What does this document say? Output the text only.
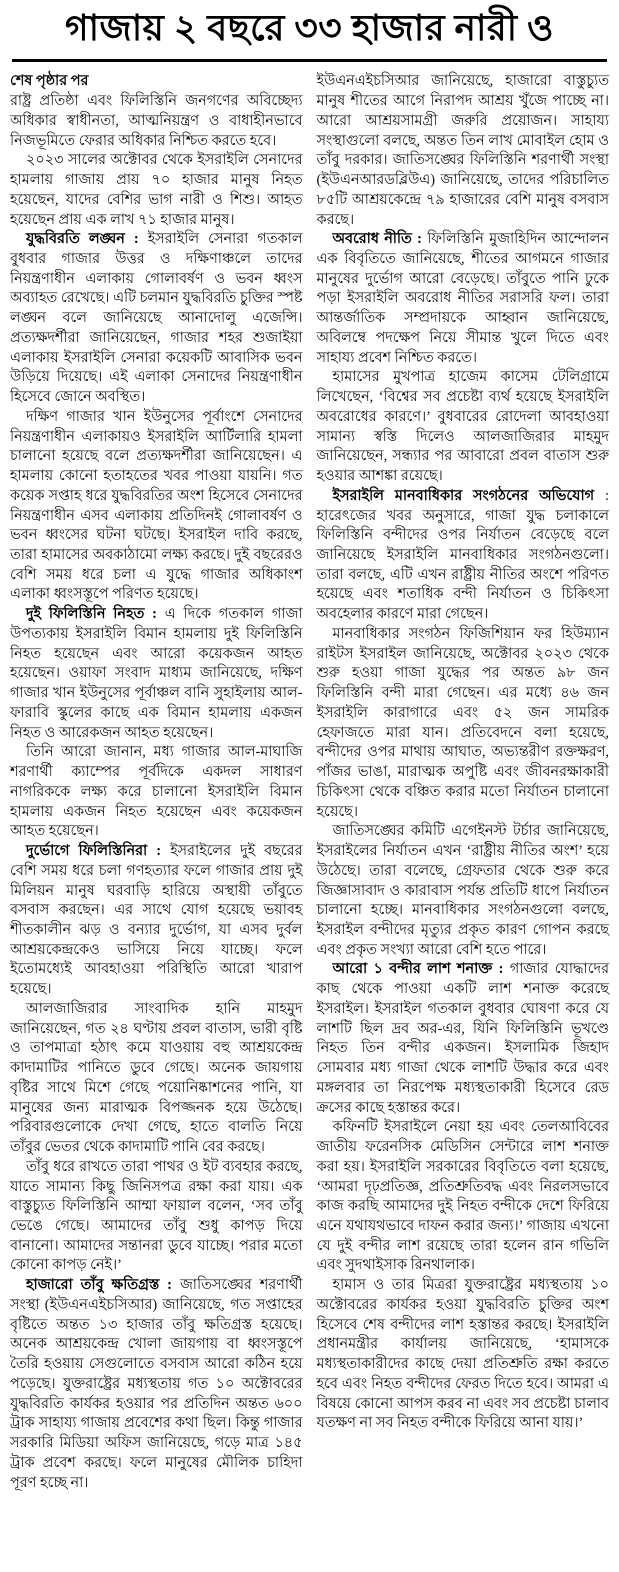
গাজায় ২ বছরে ৩৩ হাজার নারী ও

শেষ পৃষ্ঠার পর

রাষ্ট্র প্রতিষ্ঠা এবং ফিলিস্তিনি জনগণের অবিচ্ছেদ্য অধিকার স্বাধীনতা, আত্মনিয়ন্ত্রণ ও বাধাহীনভাবে নিজভূমিতে ফেরার অধিকার নিশ্চিত করতে হবে।

২০২৩ সালের অক্টোবর থেকে ইসরাইলি সেনাদের হামলায় গাজায় প্রায় ৭০ হাজার মানুষ নিহত হয়েছেন, যাদের বেশির ভাগ নারী ও শিশু। আহত হয়েছেন প্রায় এক লাখ ৭১ হাজার মানুষ।

যুদ্ধবিরতি লঙ্ঘন : ইসরাইলি সেনারা গতকাল বুধবার গাজার উত্তর ও দক্ষিণাঞ্চলে তাদের নিয়ন্ত্রণাধীন এলাকায় গোলাবর্ষণ ও ভবন ধ্বংস অব্যাহত রেখেছে। এটি চলমান যুদ্ধবিরতি চুক্তির স্পষ্ট লঙ্ঘন বলে জানিয়েছে আনাদোলু এজেন্সি। প্রত্যক্ষদর্শীরা জানিয়েছেন, গাজার শহর শুজাইয়া এলাকায় ইসরাইলি সেনারা কয়েকটি আবাসিক ভবন উড়িয়ে দিয়েছে। এই এলাকা সেনাদের নিয়ন্ত্রণাধীন হিসেবে জোনে অবস্থিত।

দক্ষিণ গাজার খান ইউনুসের পূর্বাংশে সেনাদের নিয়ন্ত্রণাধীন এলাকায়ও ইসরাইলি আর্টিলারি হামলা চালানো হয়েছে বলে প্রত্যক্ষদর্শীরা জানিয়েছেন। এ হামলায় কোনো হতাহতের খবর পাওয়া যায়নি। গত কয়েক সপ্তাহ ধরে যুদ্ধবিরতির অংশ হিসেবে সেনাদের নিয়ন্ত্রণাধীন এসব এলাকায় প্রতিদিনই গোলাবর্ষণ ও ভবন ধ্বংসের ঘটনা ঘটছে। ইসরাইল দাবি করছে, তারা হামাসের অবকাঠামো লক্ষ্য করছে। দুই বছরেরও বেশি সময় ধরে চলা এ যুদ্ধে গাজার অধিকাংশ এলাকা ধ্বংসস্তূপে পরিণত হয়েছে।

দুই ফিলিস্তিনি নিহত : এ দিকে গতকাল গাজা উপত্যকায় ইসরাইলি বিমান হামলায় দুই ফিলিস্তিনি নিহত হয়েছেন এবং আরো কয়েকজন আহত হয়েছেন। ওয়াফা সংবাদ মাধ্যম জানিয়েছে, দক্ষিণ গাজার খান ইউনুসের পূর্বাঞ্চল বানি সুহাইলায় আল-ফারাবি স্কুলের কাছে এক বিমান হামলায় একজন নিহত ও আরেকজন আহত হয়েছেন।

তিনি আরো জানান, মধ্য গাজার আল-মাঘাজি শরণার্থী ক্যাম্পের পূর্বদিকে একদল সাধারণ নাগরিককে লক্ষ্য করে চালানো ইসরাইলি বিমান হামলায় একজন নিহত হয়েছেন এবং কয়েকজন আহত হয়েছেন।

দুর্ভোগে ফিলিস্তিনিরা : ইসরাইলের দুই বছরের বেশি সময় ধরে চলা গণহত্যার ফলে গাজার প্রায় দুই মিলিয়ন মানুষ ঘরবাড়ি হারিয়ে অস্থায়ী তাঁবুতে বসবাস করছেন। এর সাথে যোগ হয়েছে ভয়াবহ শীতকালীন ঝড় ও বন্যার দুর্ভোগ, যা এসব দুর্বল আশ্রয়কেন্দ্রকেও ভাসিয়ে নিয়ে যাচ্ছে। ফলে ইতোমধ্যেই আবহাওয়া পরিস্থিতি আরো খারাপ হয়েছে।

আলজাজিরার সাংবাদিক হানি মাহমুদ জানিয়েছেন, গত ২৪ ঘণ্টায় প্রবল বাতাস, ভারী বৃষ্টি ও তাপমাত্রা হঠাৎ কমে যাওয়ায় বহু আশ্রয়কেন্দ্র কাদামাটির পানিতে ডুবে গেছে। অনেক জায়গায় বৃষ্টির সাথে মিশে গেছে পয়োনিষ্কাশনের পানি, যা মানুষের জন্য মারাত্মক বিপজ্জনক হয়ে উঠেছে। পরিবারগুলোকে দেখা গেছে, হাতে বালতি নিয়ে তাঁবুর ভেতর থেকে কাদামাটি পানি বের করছে।

তাঁবু ধরে রাখতে তারা পাথর ও ইট ব্যবহার করছে, যাতে সামান্য কিছু জিনিসপত্র রক্ষা করা যায়। এক বাস্তুচ্যুত ফিলিস্তিনি আম্মা ফায়াল বলেন, ‘সব তাঁবু ভেঙে গেছে। আমাদের তাঁবু শুধু কাপড় দিয়ে বানানো। আমাদের সন্তানরা ডুবে যাচ্ছে। পরার মতো কোনো কাপড় নেই।’

হাজারো তাঁবু ক্ষতিগ্রস্ত : জাতিসঙ্ঘের শরণার্থী সংস্থা (ইউএনএইচসিআর) জানিয়েছে, গত সপ্তাহের বৃষ্টিতে অন্তত ১৩ হাজার তাঁবু ক্ষতিগ্রস্ত হয়েছে। অনেক আশ্রয়কেন্দ্র খোলা জায়গায় বা ধ্বংসস্তূপে তৈরি হওয়ায় সেগুলোতে বসবাস আরো কঠিন হয়ে পড়েছে। যুক্তরাষ্ট্রের মধ্যস্থতায় গত ১০ অক্টোবরের যুদ্ধবিরতি কার্যকর হওয়ার পর প্রতিদিন অন্তত ৬০০ ট্রাক সাহায্য গাজায় প্রবেশের কথা ছিল। কিন্তু গাজার সরকারি মিডিয়া অফিস জানিয়েছে, গড়ে মাত্র ১৪৫ ট্রাক প্রবেশ করছে। ফলে মানুষের মৌলিক চাহিদা পূরণ হচ্ছে না।

ইউএনএইচসিআর জানিয়েছে, হাজারো বাস্তুচ্যুত মানুষ শীতের আগে নিরাপদ আশ্রয় খুঁজে পাচ্ছে না। আরো আশ্রয়সামগ্রী জরুরি প্রয়োজন। সাহায্য সংস্থাগুলো বলছে, অন্তত তিন লাখ মোবাইল হোম ও তাঁবু দরকার। জাতিসঙ্ঘের ফিলিস্তিনি শরণার্থী সংস্থা (ইউএনআরডব্লিউএ) জানিয়েছে, তাদের পরিচালিত ৮৫টি আশ্রয়কেন্দ্রে ৭৯ হাজারের বেশি মানুষ বসবাস করছে।

অবরোধ নীতি : ফিলিস্তিনি মুজাহিদিন আন্দোলন এক বিবৃতিতে জানিয়েছে, শীতের আগমনে গাজার মানুষের দুর্ভোগ আরো বেড়েছে। তাঁবুতে পানি ঢুকে পড়া ইসরাইলি অবরোধ নীতির সরাসরি ফল। তারা আন্তর্জাতিক সম্প্রদায়কে আহ্বান জানিয়েছে, অবিলম্বে পদক্ষেপ নিয়ে সীমান্ত খুলে দিতে এবং সাহায্য প্রবেশ নিশ্চিত করতে।

হামাসের মুখপাত্র হাজেম কাসেম টেলিগ্রামে লিখেছেন, ‘বিশ্বের সব প্রচেষ্টা ব্যর্থ হয়েছে ইসরাইলি অবরোধের কারণে।’ বুধবারের রোদেলা আবহাওয়া সামান্য স্বস্তি দিলেও আলজাজিরার মাহমুদ জানিয়েছেন, সন্ধ্যার পর আবারো প্রবল বাতাস শুরু হওয়ার আশঙ্কা রয়েছে।

ইসরাইলি মানবাধিকার সংগঠনের অভিযোগ : হারেৎজের খবর অনুসারে, গাজা যুদ্ধ চলাকালে ফিলিস্তিনি বন্দীদের ওপর নির্যাতন বেড়েছে বলে জানিয়েছে ইসরাইলি মানবাধিকার সংগঠনগুলো। তারা বলছে, এটি এখন রাষ্ট্রীয় নীতির অংশে পরিণত হয়েছে এবং শতাধিক বন্দী নির্যাতন ও চিকিৎসা অবহেলার কারণে মারা গেছেন।

মানবাধিকার সংগঠন ফিজিশিয়ান ফর হিউম্যান রাইটস ইসরাইল জানিয়েছে, অক্টোবর ২০২৩ থেকে শুরু হওয়া গাজা যুদ্ধের পর অন্তত ৯৮ জন ফিলিস্তিনি বন্দী মারা গেছেন। এর মধ্যে ৪৬ জন ইসরাইলি কারাগারে এবং ৫২ জন সামরিক হেফাজতে মারা যান। প্রতিবেদনে বলা হয়েছে, বন্দীদের ওপর মাথায় আঘাত, অভ্যন্তরীণ রক্তক্ষরণ, পাঁজর ভাঙা, মারাত্মক অপুষ্টি এবং জীবনরক্ষাকারী চিকিৎসা থেকে বঞ্চিত করার মতো নির্যাতন চালানো হয়েছে।

জাতিসঙ্ঘের কমিটি এগেইনস্ট টর্চার জানিয়েছে, ইসরাইলের নির্যাতন এখন ‘রাষ্ট্রীয় নীতির অংশ’ হয়ে উঠেছে। তারা বলেছে, গ্রেফতার থেকে শুরু করে জিজ্ঞাসাবাদ ও কারাবাস পর্যন্ত প্রতিটি ধাপে নির্যাতন চালানো হচ্ছে। মানবাধিকার সংগঠনগুলো বলছে, ইসরাইল বন্দীদের মৃত্যুর প্রকৃত কারণ গোপন করছে এবং প্রকৃত সংখ্যা আরো বেশি হতে পারে।

আরো ১ বন্দীর লাশ শনাক্ত : গাজার যোদ্ধাদের কাছ থেকে পাওয়া একটি লাশ শনাক্ত করেছে ইসরাইল। ইসরাইল গতকাল বুধবার ঘোষণা করে যে লাশটি ছিল দ্রব অর-এর, যিনি ফিলিস্তিনি ভূখণ্ডে নিহত তিন বন্দীর একজন। ইসলামিক জিহাদ সোমবার মধ্য গাজা থেকে লাশটি উদ্ধার করে এবং মঙ্গলবার তা নিরপেক্ষ মধ্যস্থতাকারী হিসেবে রেড ক্রসের কাছে হস্তান্তর করে।

কফিনটি ইসরাইলে নেয়া হয় এবং তেলআবিবের জাতীয় ফরেনসিক মেডিসিন সেন্টারে লাশ শনাক্ত করা হয়। ইসরাইলি সরকারের বিবৃতিতে বলা হয়েছে, ‘আমরা দৃঢ়প্রতিজ্ঞ, প্রতিশ্রুতিবদ্ধ এবং নিরলসভাবে কাজ করছি আমাদের দুই নিহত বন্দীকে দেশে ফিরিয়ে এনে যথাযথভাবে দাফন করার জন্য।’ গাজায় এখনো যে দুই বন্দীর লাশ রয়েছে তারা হলেন রান গভিলি এবং সুদথাইসাক রিনথালাক।

হামাস ও তার মিত্ররা যুক্তরাষ্ট্রের মধ্যস্থতায় ১০ অক্টোবরের কার্যকর হওয়া যুদ্ধবিরতি চুক্তির অংশ হিসেবে শেষ বন্দীদের লাশ হস্তান্তর করছে। ইসরাইলি প্রধানমন্ত্রীর কার্যালয় জানিয়েছে, ‘হামাসকে মধ্যস্থতাকারীদের কাছে দেয়া প্রতিশ্রুতি রক্ষা করতে হবে এবং নিহত বন্দীদের ফেরত দিতে হবে। আমরা এ বিষয়ে কোনো আপস করব না এবং সব প্রচেষ্টা চালাব যতক্ষণ না সব নিহত বন্দীকে ফিরিয়ে আনা যায়।’
